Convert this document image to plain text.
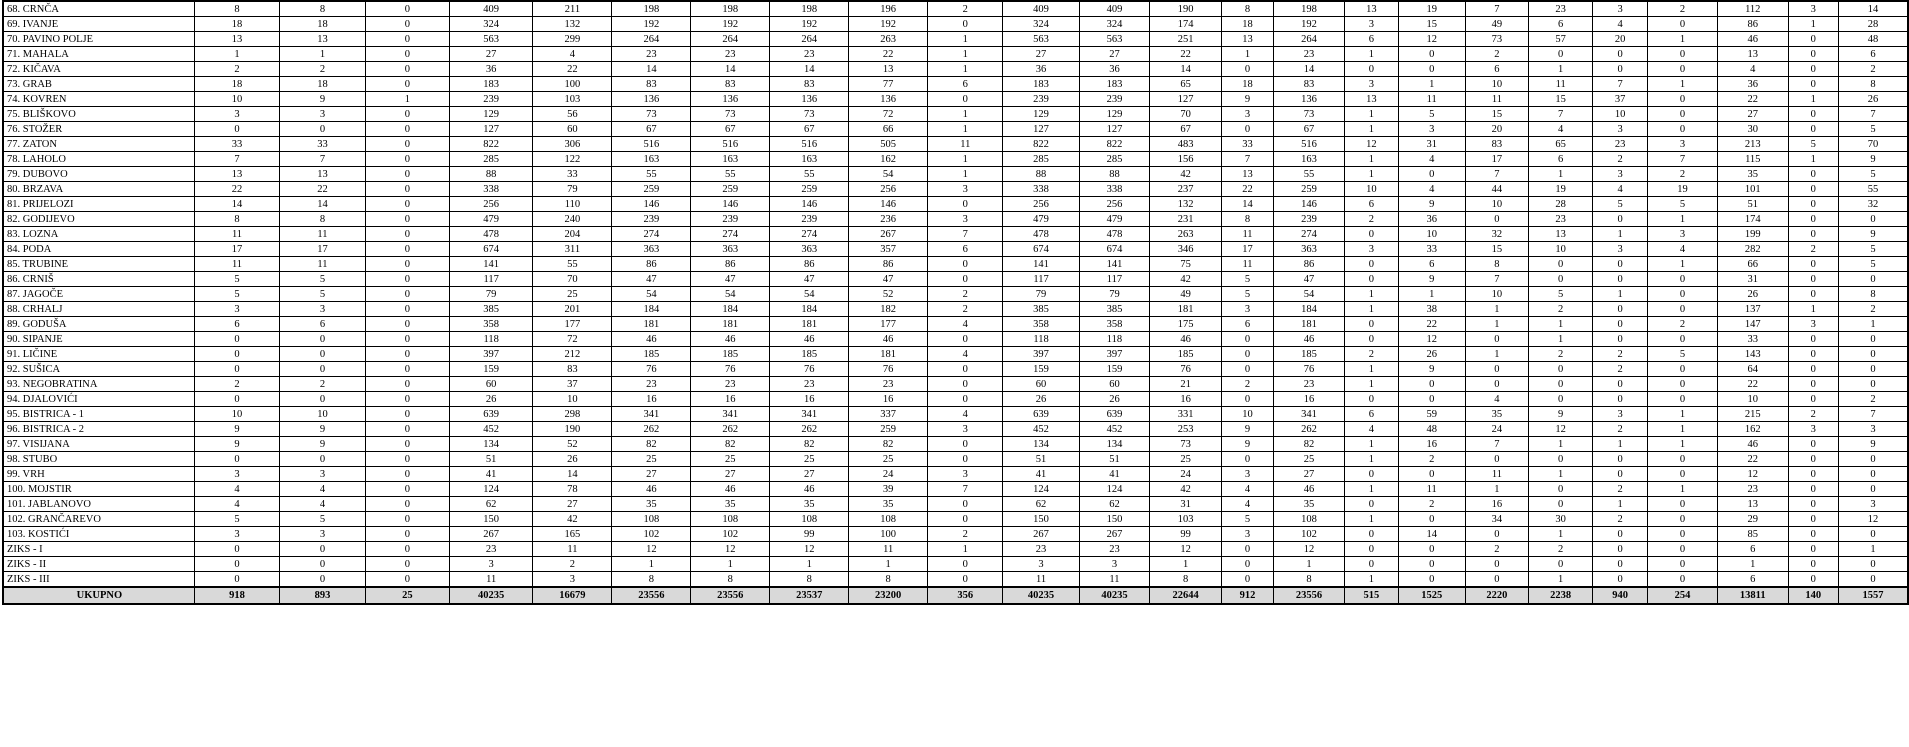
68. CRNČA	8	8	0	409	211	198	198	198	196	2	409	409	190	8	198	13	19	7	23	3	2	112	3	14
69. IVANJE	18	18	0	324	132	192	192	192	192	0	324	324	174	18	192	3	15	49	6	4	0	86	1	28
70. PAVINO POLJE	13	13	0	563	299	264	264	264	263	1	563	563	251	13	264	6	12	73	57	20	1	46	0	48
71. MAHALA	1	1	0	27	4	23	23	23	22	1	27	27	22	1	23	1	0	2	0	0	0	13	0	6
72. KIČAVA	2	2	0	36	22	14	14	14	13	1	36	36	14	0	14	0	0	6	1	0	0	4	0	2
73. GRAB	18	18	0	183	100	83	83	83	77	6	183	183	65	18	83	3	1	10	11	7	1	36	0	8
74. KOVREN	10	9	1	239	103	136	136	136	136	0	239	239	127	9	136	13	11	11	15	37	0	22	1	26
75. BLIŠKOVO	3	3	0	129	56	73	73	73	72	1	129	129	70	3	73	1	5	15	7	10	0	27	0	7
76. STOŽER	0	0	0	127	60	67	67	67	66	1	127	127	67	0	67	1	3	20	4	3	0	30	0	5
77. ZATON	33	33	0	822	306	516	516	516	505	11	822	822	483	33	516	12	31	83	65	23	3	213	5	70
78. LAHOLO	7	7	0	285	122	163	163	163	162	1	285	285	156	7	163	1	4	17	6	2	7	115	1	9
79. DUBOVO	13	13	0	88	33	55	55	55	54	1	88	88	42	13	55	1	0	7	1	3	2	35	0	5
80. BRZAVA	22	22	0	338	79	259	259	259	256	3	338	338	237	22	259	10	4	44	19	4	19	101	0	55
81. PRIJELOZI	14	14	0	256	110	146	146	146	146	0	256	256	132	14	146	6	9	10	28	5	5	51	0	32
82. GODIJEVO	8	8	0	479	240	239	239	239	236	3	479	479	231	8	239	2	36	0	23	0	1	174	0	0
83. LOZNA	11	11	0	478	204	274	274	274	267	7	478	478	263	11	274	0	10	32	13	1	3	199	0	9
84. PODA	17	17	0	674	311	363	363	363	357	6	674	674	346	17	363	3	33	15	10	3	4	282	2	5
85. TRUBINE	11	11	0	141	55	86	86	86	86	0	141	141	75	11	86	0	6	8	0	0	1	66	0	5
86. CRNIŠ	5	5	0	117	70	47	47	47	47	0	117	117	42	5	47	0	9	7	0	0	0	31	0	0
87. JAGOČE	5	5	0	79	25	54	54	54	52	2	79	79	49	5	54	1	1	10	5	1	0	26	0	8
88. CRHALJ	3	3	0	385	201	184	184	184	182	2	385	385	181	3	184	1	38	1	2	0	0	137	1	2
89. GODUŠA	6	6	0	358	177	181	181	181	177	4	358	358	175	6	181	0	22	1	1	0	2	147	3	1
90. SIPANJE	0	0	0	118	72	46	46	46	46	0	118	118	46	0	46	0	12	0	1	0	0	33	0	0
91. LIČINE	0	0	0	397	212	185	185	185	181	4	397	397	185	0	185	2	26	1	2	2	5	143	0	0
92. SUŠICA	0	0	0	159	83	76	76	76	76	0	159	159	76	0	76	1	9	0	0	2	0	64	0	0
93. NEGOBRATINA	2	2	0	60	37	23	23	23	23	0	60	60	21	2	23	1	0	0	0	0	0	22	0	0
94. DJALOVIĆI	0	0	0	26	10	16	16	16	16	0	26	26	16	0	16	0	0	4	0	0	0	10	0	2
95. BISTRICA - 1	10	10	0	639	298	341	341	341	337	4	639	639	331	10	341	6	59	35	9	3	1	215	2	7
96. BISTRICA - 2	9	9	0	452	190	262	262	262	259	3	452	452	253	9	262	4	48	24	12	2	1	162	3	3
97. VISIJANA	9	9	0	134	52	82	82	82	82	0	134	134	73	9	82	1	16	7	1	1	1	46	0	9
98. STUBO	0	0	0	51	26	25	25	25	25	0	51	51	25	0	25	1	2	0	0	0	0	22	0	0
99. VRH	3	3	0	41	14	27	27	27	24	3	41	41	24	3	27	0	0	11	1	0	0	12	0	0
100. MOJSTIR	4	4	0	124	78	46	46	46	39	7	124	124	42	4	46	1	11	1	0	2	1	23	0	0
101. JABLANOVO	4	4	0	62	27	35	35	35	35	0	62	62	31	4	35	0	2	16	0	1	0	13	0	3
102. GRANČAREVO	5	5	0	150	42	108	108	108	108	0	150	150	103	5	108	1	0	34	30	2	0	29	0	12
103. KOSTIĆI	3	3	0	267	165	102	102	99	100	2	267	267	99	3	102	0	14	0	1	0	0	85	0	0
ZIKS - I	0	0	0	23	11	12	12	12	11	1	23	23	12	0	12	0	0	2	2	0	0	6	0	1
ZIKS - II	0	0	0	3	2	1	1	1	1	0	3	3	1	0	1	0	0	0	0	0	0	1	0	0
ZIKS - III	0	0	0	11	3	8	8	8	8	0	11	11	8	0	8	1	0	0	1	0	0	6	0	0
UKUPNO	918	893	25	40235	16679	23556	23556	23537	23200	356	40235	40235	22644	912	23556	515	1525	2220	2238	940	254	13811	140	1557
